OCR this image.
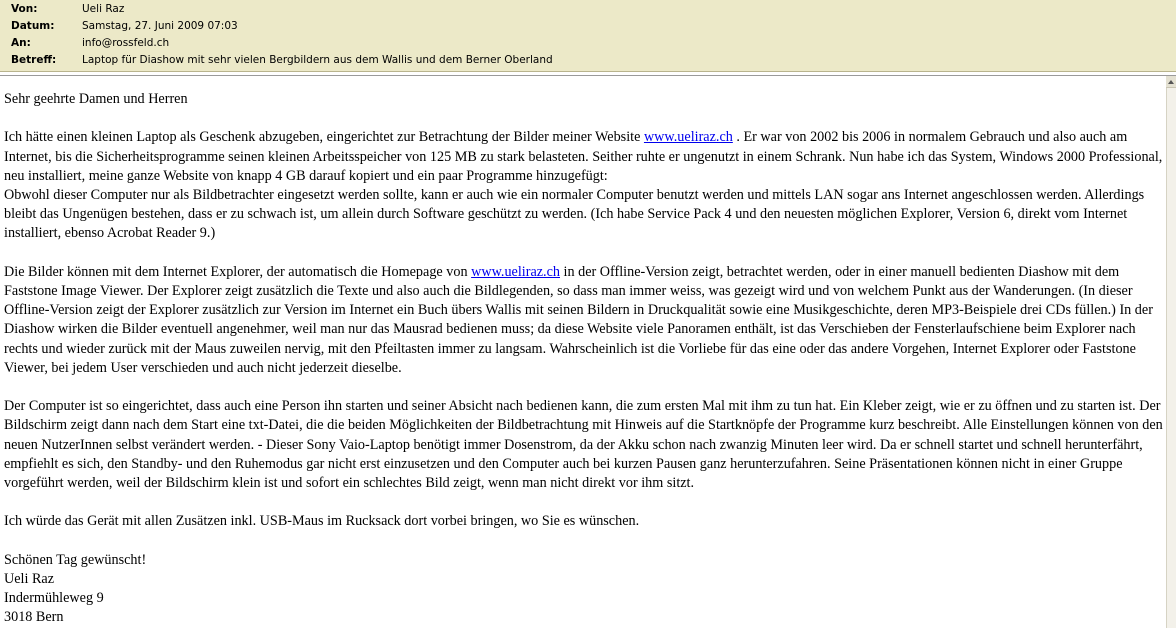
Von:	Ueli Raz
Datum:	Samstag, 27. Juni 2009 07:03
An:	info@rossfeld.ch
Betreff:	Laptop für Diashow mit sehr vielen Bergbildern aus dem Wallis und dem Berner Oberland

Sehr geehrte Damen und Herren

Ich hätte einen kleinen Laptop als Geschenk abzugeben, eingerichtet zur Betrachtung der Bilder meiner Website www.ueliraz.ch . Er war von 2002 bis 2006 in normalem Gebrauch und also auch am Internet, bis die Sicherheitsprogramme seinen kleinen Arbeitsspeicher von 125 MB zu stark belasteten. Seither ruhte er ungenutzt in einem Schrank. Nun habe ich das System, Windows 2000 Professional, neu installiert, meine ganze Website von knapp 4 GB darauf kopiert und ein paar Programme hinzugefügt:
Obwohl dieser Computer nur als Bildbetrachter eingesetzt werden sollte, kann er auch wie ein normaler Computer benutzt werden und mittels LAN sogar ans Internet angeschlossen werden. Allerdings bleibt das Ungenügen bestehen, dass er zu schwach ist, um allein durch Software geschützt zu werden. (Ich habe Service Pack 4 und den neuesten möglichen Explorer, Version 6, direkt vom Internet installiert, ebenso Acrobat Reader 9.)

Die Bilder können mit dem Internet Explorer, der automatisch die Homepage von www.ueliraz.ch in der Offline-Version zeigt, betrachtet werden, oder in einer manuell bedienten Diashow mit dem Faststone Image Viewer. Der Explorer zeigt zusätzlich die Texte und also auch die Bildlegenden, so dass man immer weiss, was gezeigt wird und von welchem Punkt aus der Wanderungen. (In dieser Offline-Version zeigt der Explorer zusätzlich zur Version im Internet ein Buch übers Wallis mit seinen Bildern in Druckqualität sowie eine Musikgeschichte, deren MP3-Beispiele drei CDs füllen.) In der Diashow wirken die Bilder eventuell angenehmer, weil man nur das Mausrad bedienen muss; da diese Website viele Panoramen enthält, ist das Verschieben der Fensterlaufschiene beim Explorer nach rechts und wieder zurück mit der Maus zuweilen nervig, mit den Pfeiltasten immer zu langsam. Wahrscheinlich ist die Vorliebe für das eine oder das andere Vorgehen, Internet Explorer oder Faststone Viewer, bei jedem User verschieden und auch nicht jederzeit dieselbe.

Der Computer ist so eingerichtet, dass auch eine Person ihn starten und seiner Absicht nach bedienen kann, die zum ersten Mal mit ihm zu tun hat. Ein Kleber zeigt, wie er zu öffnen und zu starten ist. Der Bildschirm zeigt dann nach dem Start eine txt-Datei, die die beiden Möglichkeiten der Bildbetrachtung mit Hinweis auf die Startknöpfe der Programme kurz beschreibt. Alle Einstellungen können von den neuen NutzerInnen selbst verändert werden. - Dieser Sony Vaio-Laptop benötigt immer Dosenstrom, da der Akku schon nach zwanzig Minuten leer wird. Da er schnell startet und schnell herunterfährt, empfiehlt es sich, den Standby- und den Ruhemodus gar nicht erst einzusetzen und den Computer auch bei kurzen Pausen ganz herunterzufahren. Seine Präsentationen können nicht in einer Gruppe vorgeführt werden, weil der Bildschirm klein ist und sofort ein schlechtes Bild zeigt, wenn man nicht direkt vor ihm sitzt.

Ich würde das Gerät mit allen Zusätzen inkl. USB-Maus im Rucksack dort vorbei bringen, wo Sie es wünschen.

Schönen Tag gewünscht!
Ueli Raz
Indermühleweg 9
3018 Bern
